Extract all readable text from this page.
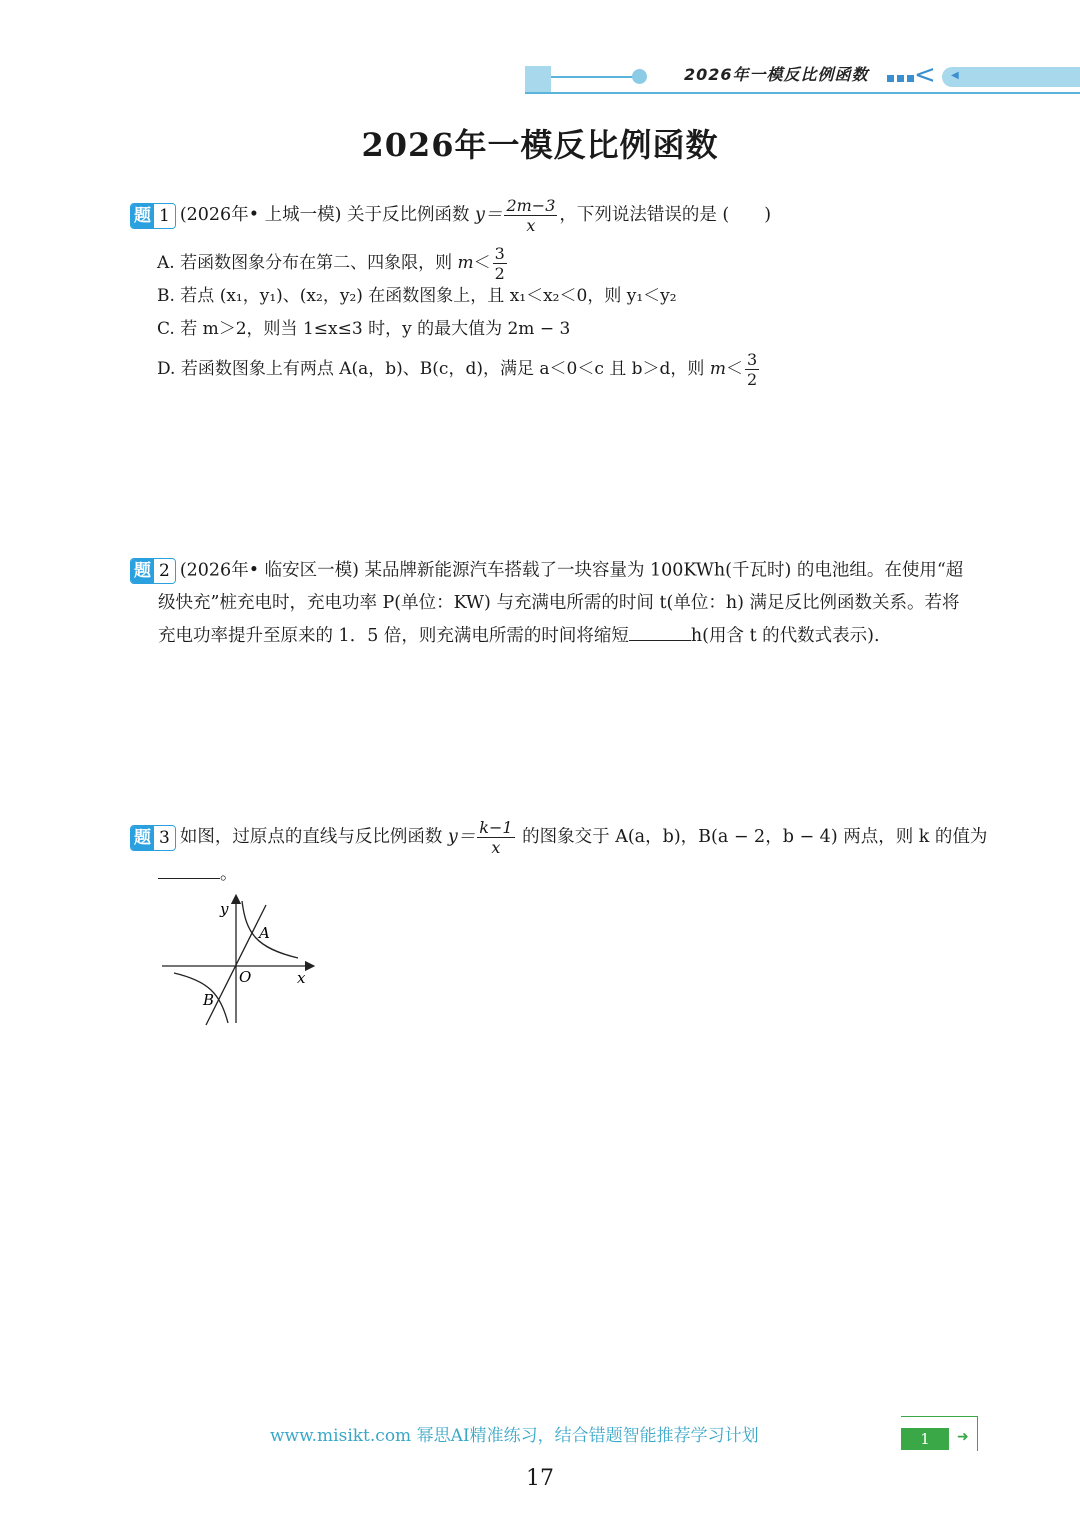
2026年一模反比例函数 < ◀
2026年一模反比例函数
题 1 (2026年• 上城一模) 关于反比例函数 $y= \frac{2m-3}{x}$ ，下列说法错误的是 (　　)
A. 若函数图象分布在第二、四象限，则 $m< \frac{3}{2}$
B. 若点 (x₁，y₁)、(x₂，y₂) 在函数图象上，且 x₁＜x₂＜0，则 y₁＜y₂
C. 若 m＞2，则当 1≤x≤3 时，y 的最大值为 2m − 3
D. 若函数图象上有两点 A(a，b)、B(c，d)，满足 a＜0＜c 且 b＞d，则 $m< \frac{3}{2}$
题 2 (2026年• 临安区一模) 某品牌新能源汽车搭载了一块容量为 100KWh(千瓦时) 的电池组。在使用“超
级快充”桩充电时，充电功率 P(单位：KW) 与充满电所需的时间 t(单位：h) 满足反比例函数关系。若将
充电功率提升至原来的 1．5 倍，则充满电所需的时间将缩短	h(用含 t 的代数式表示).
题 3 如图，过原点的直线与反比例函数 $y= \frac{k-1}{x}$ 的图象交于 A(a，b)，B(a − 2，b − 4) 两点，则 k 的值为
。
y
x
O
A
B
www.misikt.com 幂思AI精准练习，结合错题智能推荐学习计划	1	➜
17
